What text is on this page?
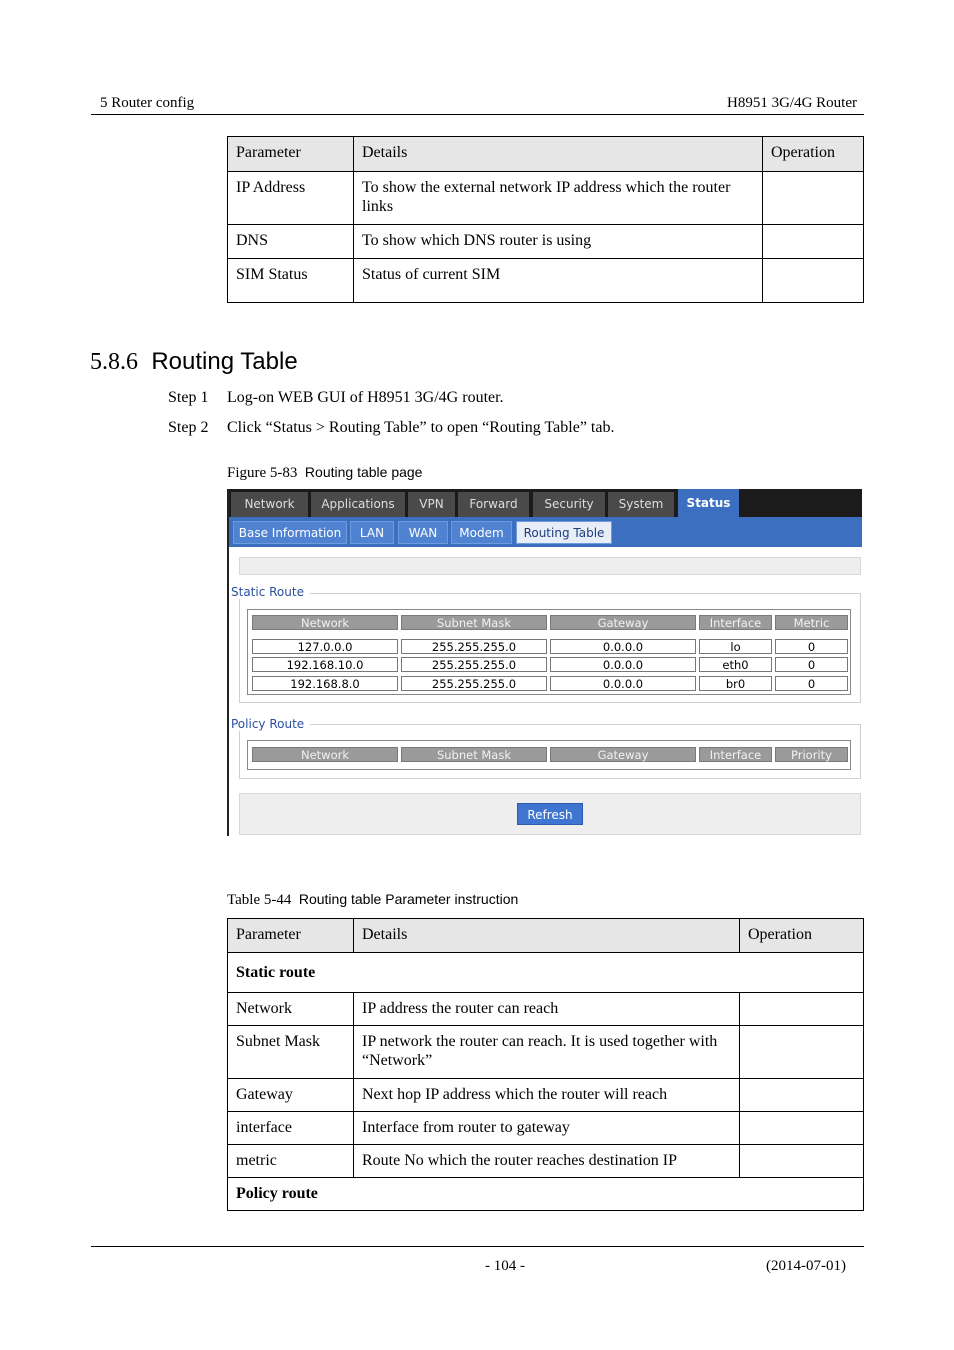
5 Router config	H8951 3G/4G Router
Parameter	Details	Operation
IP Address	To show the external network IP address which the router links	
DNS	To show which DNS router is using	
SIM Status	Status of current SIM	
5.8.6 Routing Table
Step 1 Log-on WEB GUI of H8951 3G/4G router.
Step 2 Click “Status > Routing Table” to open “Routing Table” tab.
Figure 5-83 Routing table page
Network	Applications	VPN	Forward	Security	System	Status
Base Information	LAN	WAN	Modem	Routing Table
Static Route
Network	Subnet Mask	Gateway	Interface	Metric
127.0.0.0	255.255.255.0	0.0.0.0	lo	0
192.168.10.0	255.255.255.0	0.0.0.0	eth0	0
192.168.8.0	255.255.255.0	0.0.0.0	br0	0
Policy Route
Network	Subnet Mask	Gateway	Interface	Priority
Refresh
Table 5-44 Routing table Parameter instruction
Parameter	Details	Operation
Static route		
Network	IP address the router can reach	
Subnet Mask	IP network the router can reach. It is used together with “Network”	
Gateway	Next hop IP address which the router will reach	
interface	Interface from router to gateway	
metric	Route No which the router reaches destination IP	
Policy route		
- 104 -	(2014-07-01)
